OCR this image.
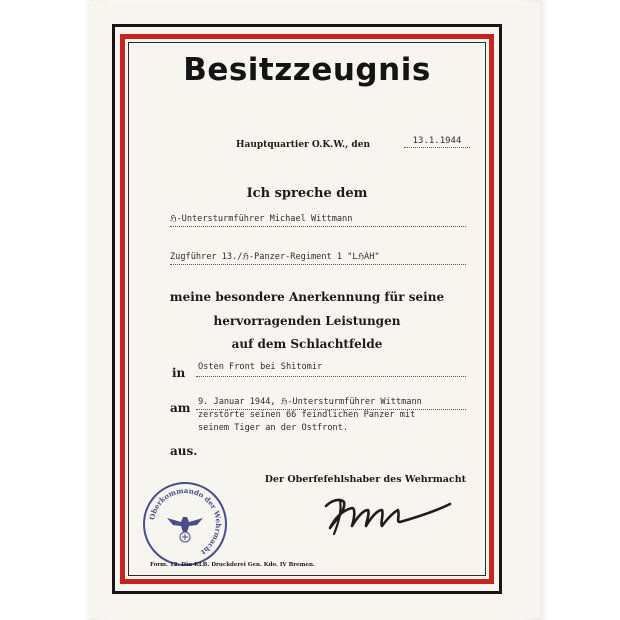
Besitzzeugnis
Hauptquartier O.K.W., den	13.1.1944
Ich spreche dem
ℌ-Untersturmführer Michael Wittmann
Zugführer 13./ℌ-Panzer-Regiment 1 "LℌAH"
meine besondere Anerkennung für seine
hervorragenden Leistungen
auf dem Schlachtfelde
in Osten Front bei Shitomir
am 9. Januar 1944, ℌ-Untersturmführer Wittmann
zerstörte seinen 66 feindlichen Panzer mit
seinem Tiger an der Ostfront.
aus.
Der Oberfefehlshaber des Wehrmacht
Oberkommando der Wehrmacht
Form. 12. Din KLB. Druckderei Gen. Kdo. IV Bremen.
